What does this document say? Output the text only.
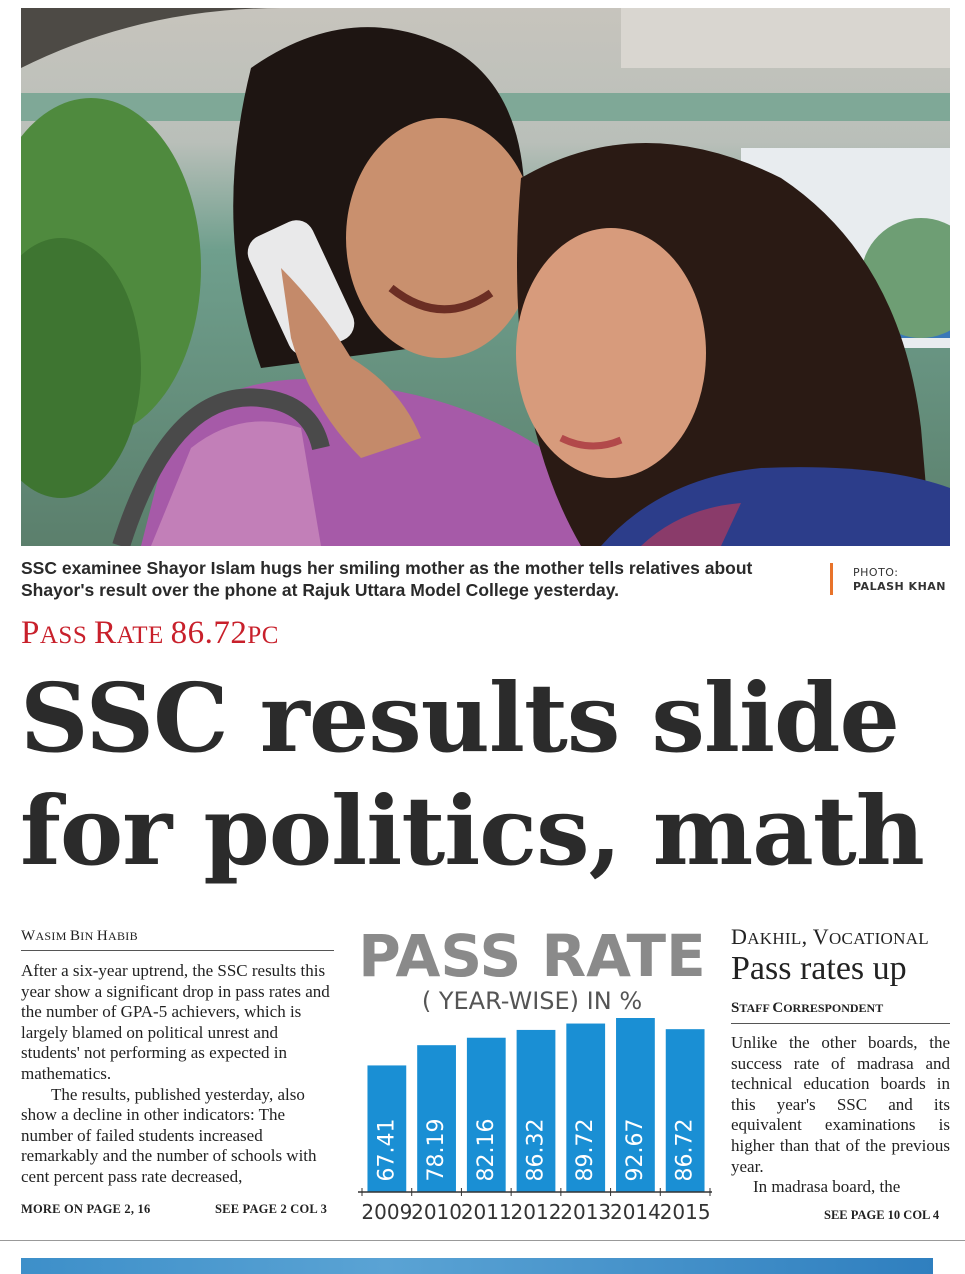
SSC examinee Shayor Islam hugs her smiling mother as the mother tells relatives about
Shayor's result over the phone at Rajuk Uttara Model College yesterday.
PHOTO:
PALASH KHAN
PASS RATE 86.72PC
SSC results slide
for politics, math
WASIM BIN HABIB

After a six-year uptrend, the SSC results this year show a significant drop in pass rates and the number of GPA-5 achievers, which is largely blamed on political unrest and students' not performing as expected in mathematics.

The results, published yesterday, also show a decline in other indicators: The number of failed students increased remarkably and the number of schools with cent percent pass rate decreased,

MORE ON PAGE 2, 16	SEE PAGE 2 COL 3
PASS RATE
( YEAR-WISE) IN %
67.41 78.19 82.16 86.32 89.72 92.67 86.72
2009
2010
2011
2012
2013
2014
2015
DAKHIL, VOCATIONAL
Pass rates up
STAFF CORRESPONDENT

Unlike the other boards, the success rate of madrasa and technical education boards in this year's SSC and its equivalent examinations is higher than that of the previous year.

In madrasa board, the

SEE PAGE 10 COL 4
